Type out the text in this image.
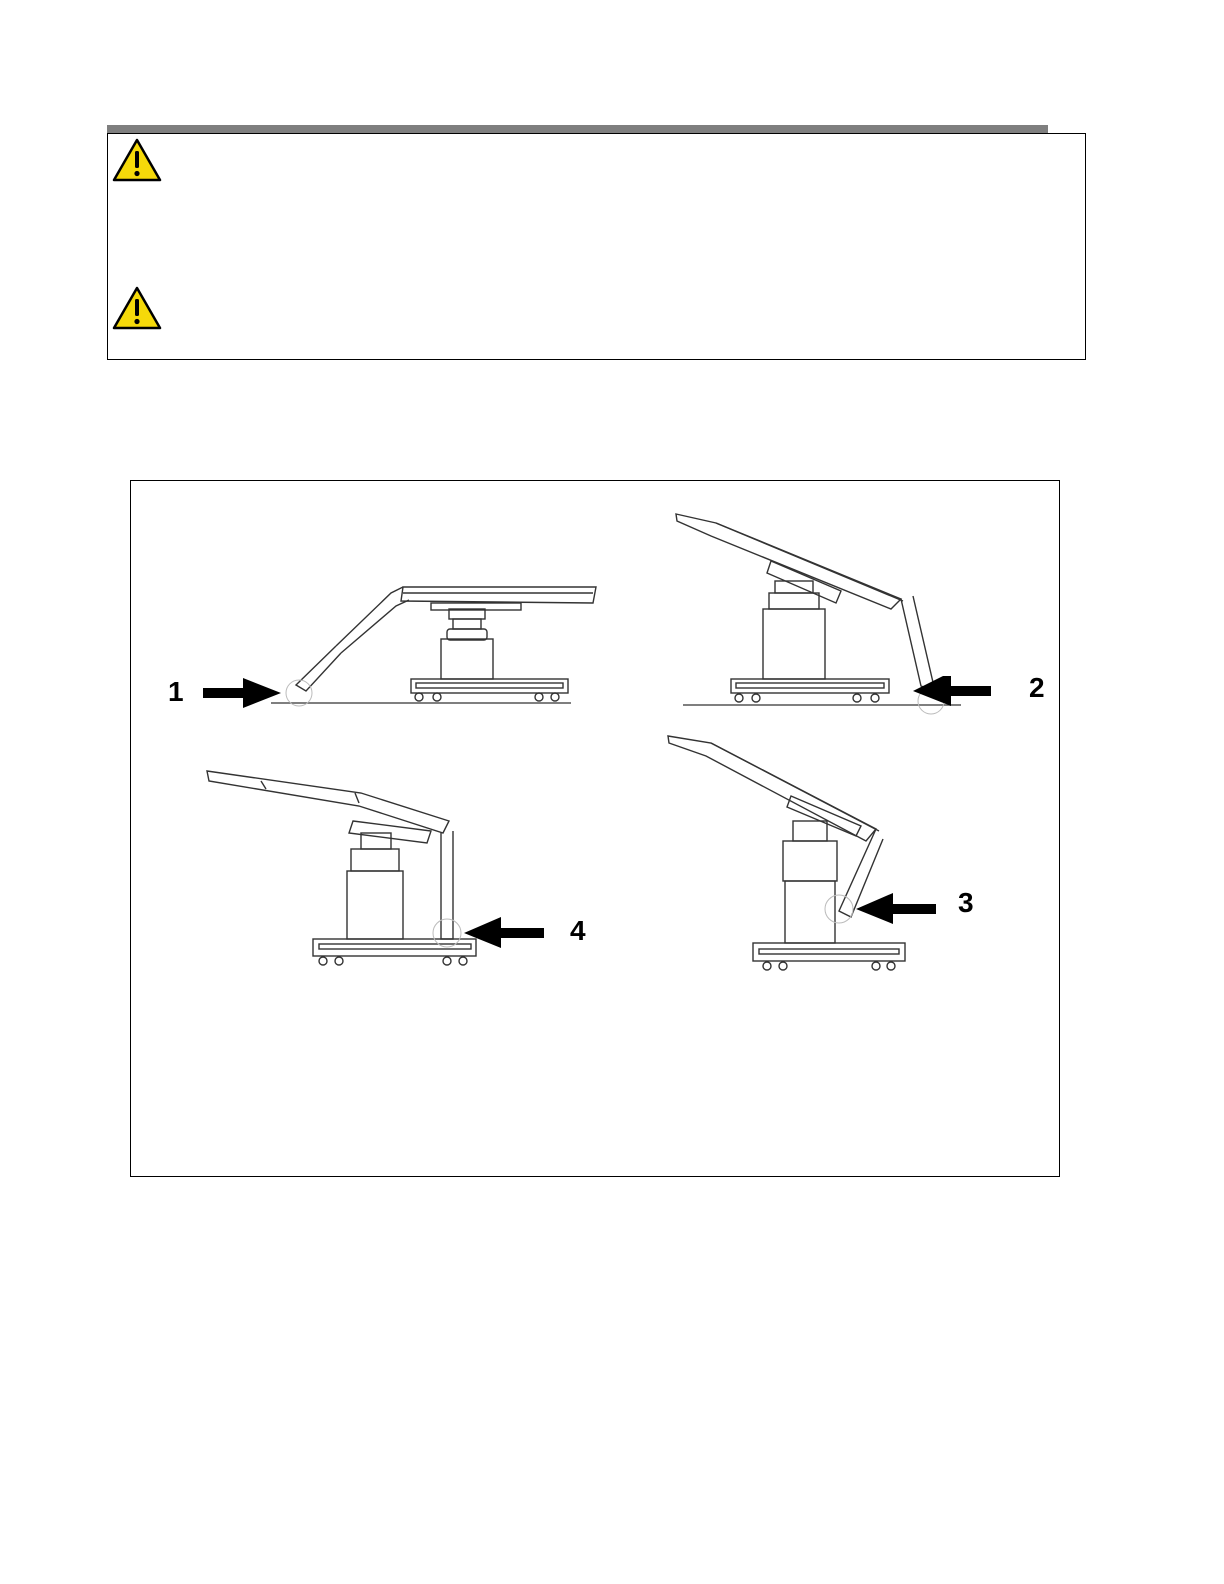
1	2
3
4
